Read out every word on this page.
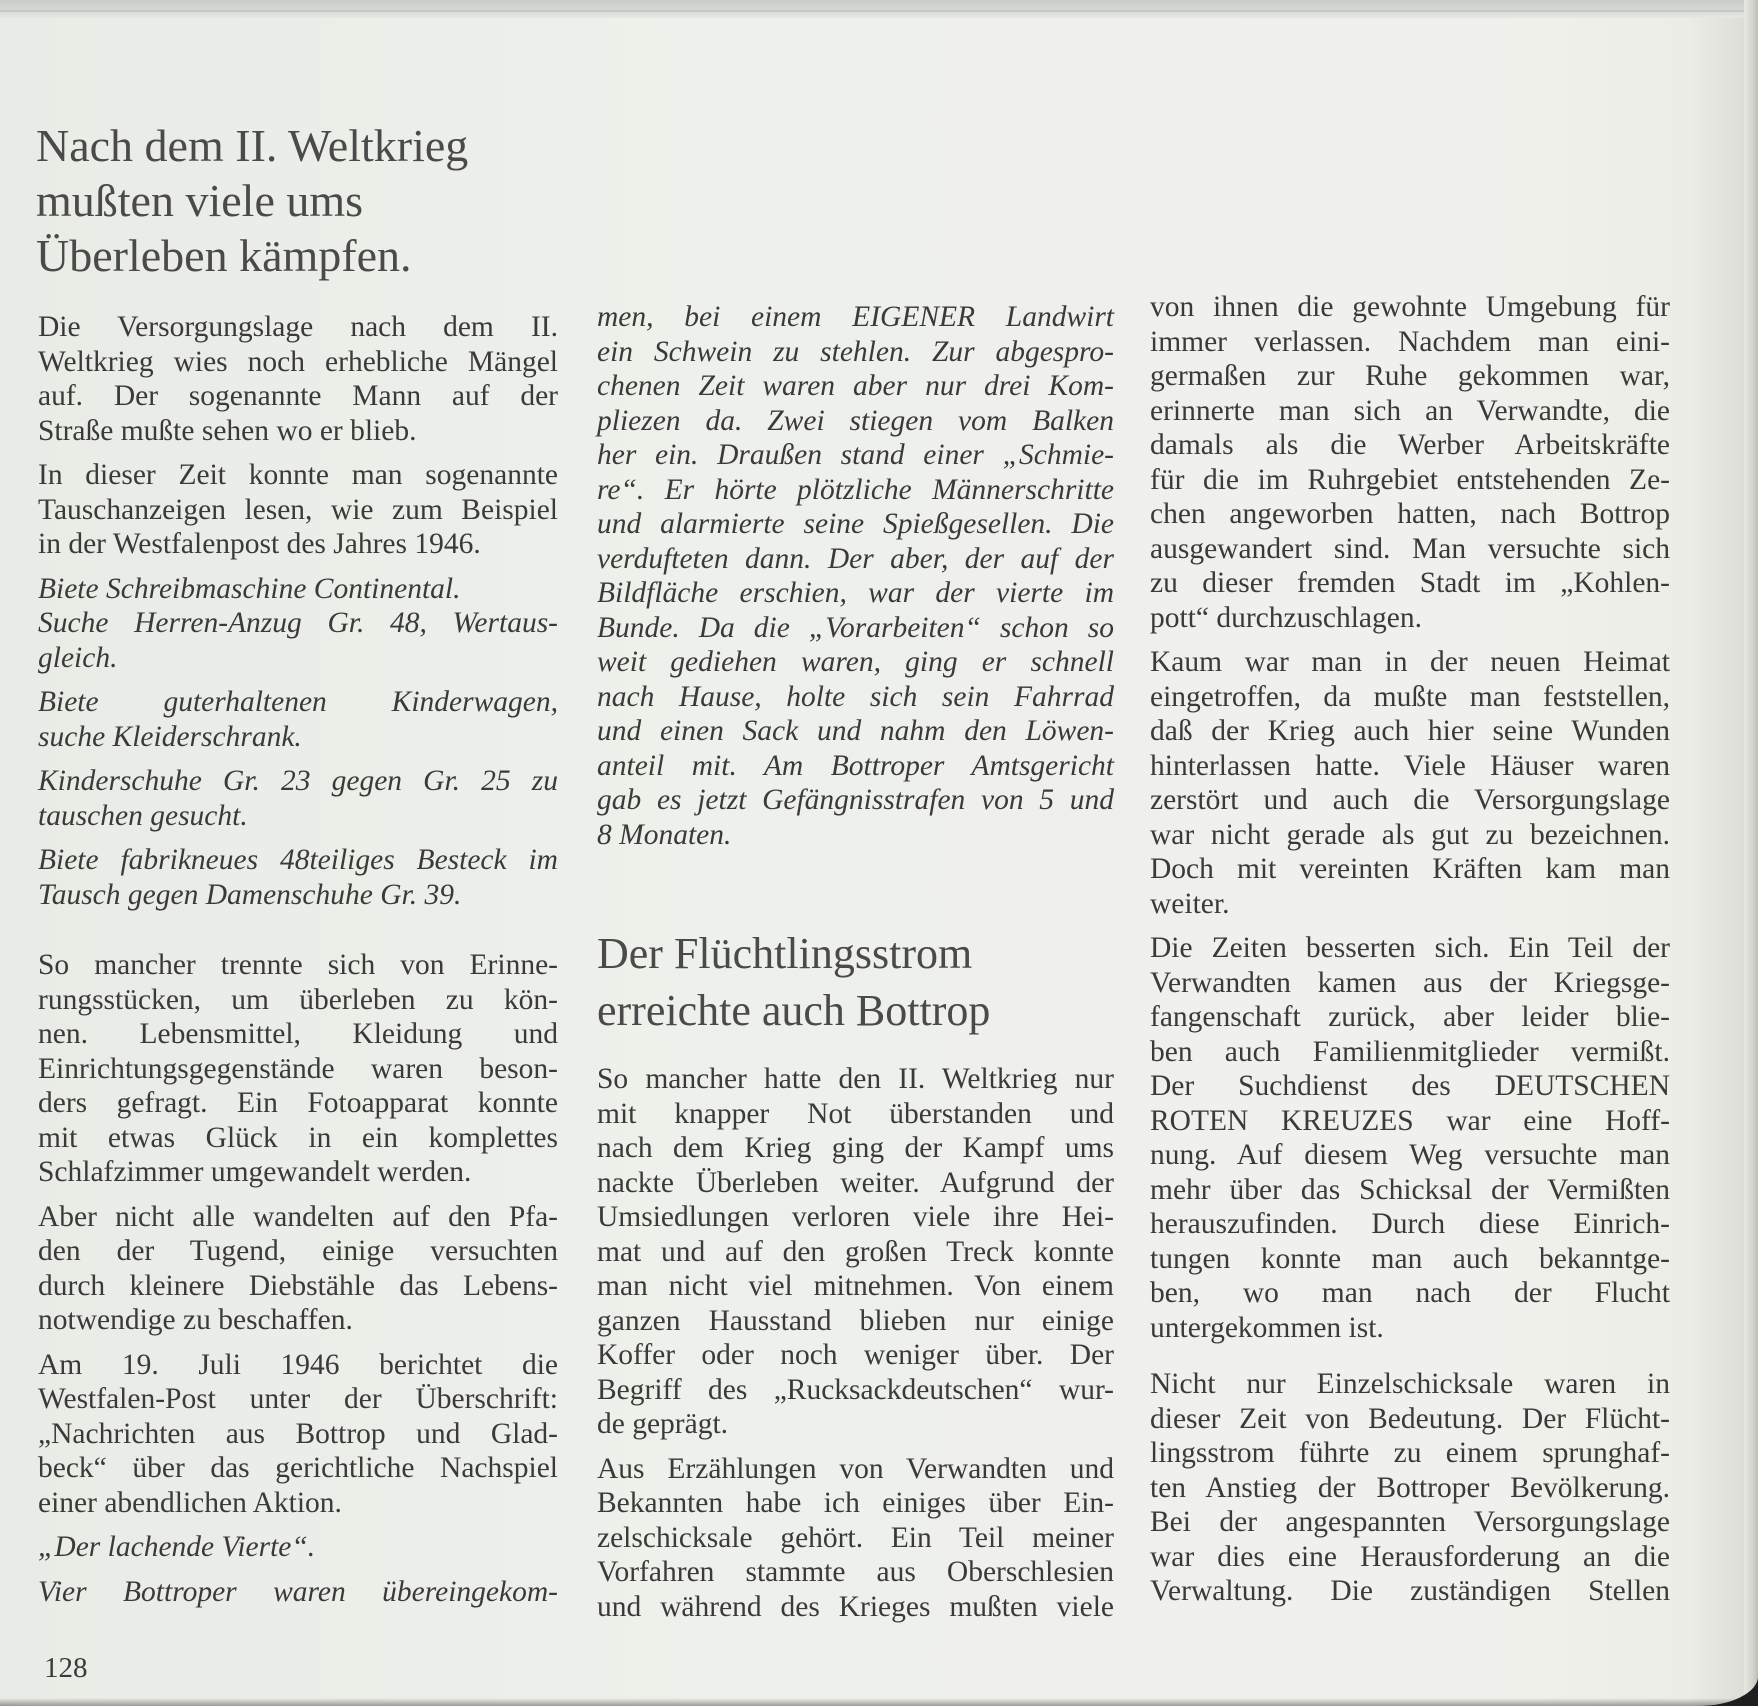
Nach dem II. Weltkrieg
mußten viele ums
Überleben kämpfen.

Die Versorgungslage nach dem II.
Weltkrieg wies noch erhebliche Mängel
auf. Der sogenannte Mann auf der
Straße mußte sehen wo er blieb.

In dieser Zeit konnte man sogenannte
Tauschanzeigen lesen, wie zum Beispiel
in der Westfalenpost des Jahres 1946.

Biete Schreibmaschine Continental.
Suche Herren-Anzug Gr. 48, Wertaus-
gleich.

Biete guterhaltenen Kinderwagen,
suche Kleiderschrank.

Kinderschuhe Gr. 23 gegen Gr. 25 zu
tauschen gesucht.

Biete fabrikneues 48teiliges Besteck im
Tausch gegen Damenschuhe Gr. 39.

So mancher trennte sich von Erinne-
rungsstücken, um überleben zu kön-
nen. Lebensmittel, Kleidung und
Einrichtungsgegenstände waren beson-
ders gefragt. Ein Fotoapparat konnte
mit etwas Glück in ein komplettes
Schlafzimmer umgewandelt werden.

Aber nicht alle wandelten auf den Pfa-
den der Tugend, einige versuchten
durch kleinere Diebstähle das Lebens-
notwendige zu beschaffen.

Am 19. Juli 1946 berichtet die
Westfalen-Post unter der Überschrift:
„Nachrichten aus Bottrop und Glad-
beck“ über das gerichtliche Nachspiel
einer abendlichen Aktion.

„Der lachende Vierte“.

Vier Bottroper waren übereingekom-

men, bei einem EIGENER Landwirt
ein Schwein zu stehlen. Zur abgespro-
chenen Zeit waren aber nur drei Kom-
pliezen da. Zwei stiegen vom Balken
her ein. Draußen stand einer „Schmie-
re“. Er hörte plötzliche Männerschritte
und alarmierte seine Spießgesellen. Die
verdufteten dann. Der aber, der auf der
Bildfläche erschien, war der vierte im
Bunde. Da die „Vorarbeiten“ schon so
weit gediehen waren, ging er schnell
nach Hause, holte sich sein Fahrrad
und einen Sack und nahm den Löwen-
anteil mit. Am Bottroper Amtsgericht
gab es jetzt Gefängnisstrafen von 5 und
8 Monaten.

Der Flüchtlingsstrom
erreichte auch Bottrop

So mancher hatte den II. Weltkrieg nur
mit knapper Not überstanden und
nach dem Krieg ging der Kampf ums
nackte Überleben weiter. Aufgrund der
Umsiedlungen verloren viele ihre Hei-
mat und auf den großen Treck konnte
man nicht viel mitnehmen. Von einem
ganzen Hausstand blieben nur einige
Koffer oder noch weniger über. Der
Begriff des „Rucksackdeutschen“ wur-
de geprägt.

Aus Erzählungen von Verwandten und
Bekannten habe ich einiges über Ein-
zelschicksale gehört. Ein Teil meiner
Vorfahren stammte aus Oberschlesien
und während des Krieges mußten viele

von ihnen die gewohnte Umgebung für
immer verlassen. Nachdem man eini-
germaßen zur Ruhe gekommen war,
erinnerte man sich an Verwandte, die
damals als die Werber Arbeitskräfte
für die im Ruhrgebiet entstehenden Ze-
chen angeworben hatten, nach Bottrop
ausgewandert sind. Man versuchte sich
zu dieser fremden Stadt im „Kohlen-
pott“ durchzuschlagen.

Kaum war man in der neuen Heimat
eingetroffen, da mußte man feststellen,
daß der Krieg auch hier seine Wunden
hinterlassen hatte. Viele Häuser waren
zerstört und auch die Versorgungslage
war nicht gerade als gut zu bezeichnen.
Doch mit vereinten Kräften kam man
weiter.

Die Zeiten besserten sich. Ein Teil der
Verwandten kamen aus der Kriegsge-
fangenschaft zurück, aber leider blie-
ben auch Familienmitglieder vermißt.
Der Suchdienst des DEUTSCHEN
ROTEN KREUZES war eine Hoff-
nung. Auf diesem Weg versuchte man
mehr über das Schicksal der Vermißten
herauszufinden. Durch diese Einrich-
tungen konnte man auch bekanntge-
ben, wo man nach der Flucht
untergekommen ist.

Nicht nur Einzelschicksale waren in
dieser Zeit von Bedeutung. Der Flücht-
lingsstrom führte zu einem sprunghaf-
ten Anstieg der Bottroper Bevölkerung.
Bei der angespannten Versorgungslage
war dies eine Herausforderung an die
Verwaltung. Die zuständigen Stellen

128
